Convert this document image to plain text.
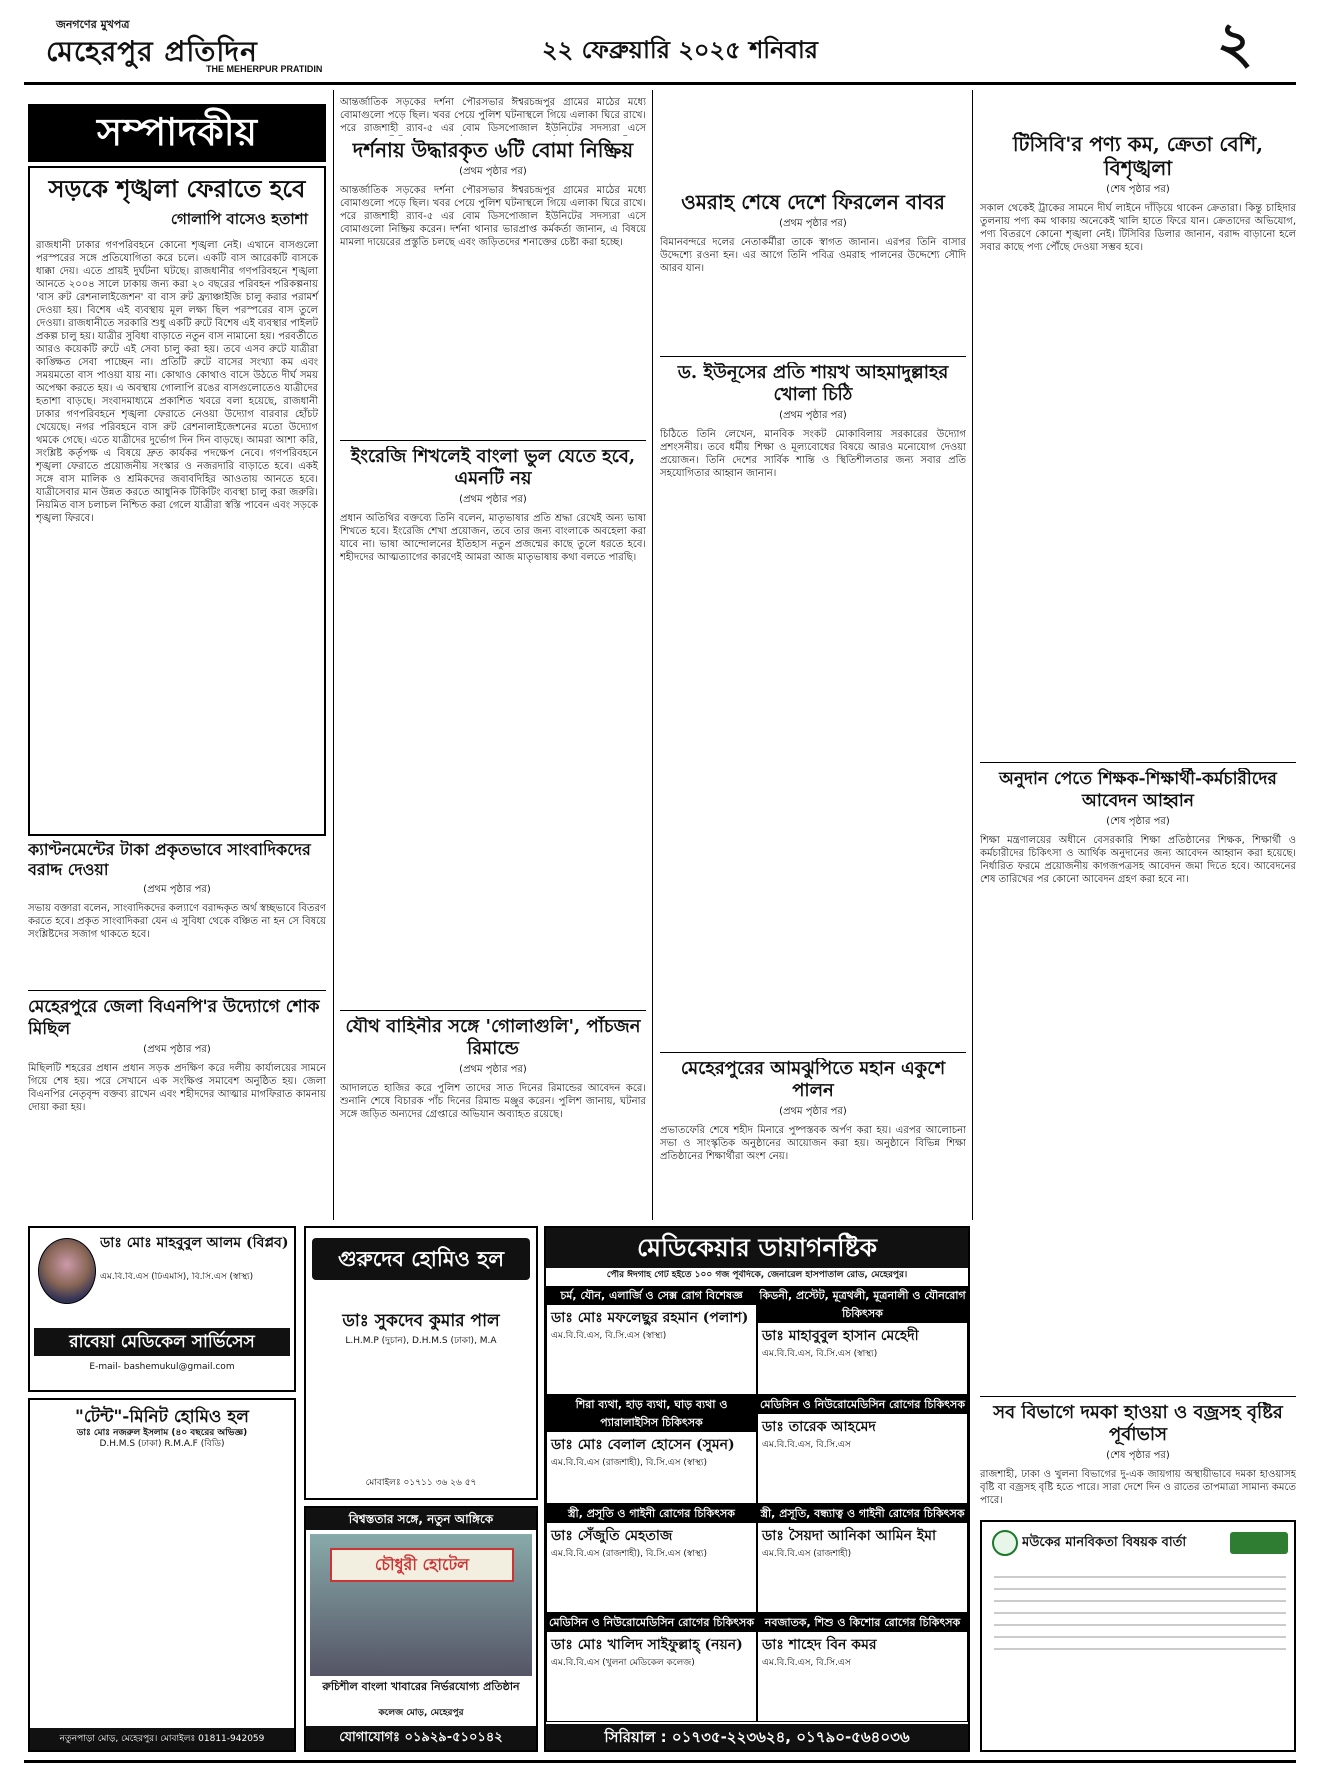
জনগণের মুখপত্র
মেহেরপুর প্রতিদিন
THE MEHERPUR PRATIDIN
২২ ফেব্রুয়ারি ২০২৫ শনিবার	২
সম্পাদকীয়
সড়কে শৃঙ্খলা ফেরাতে হবে
গোলাপি বাসেও হতাশা
রাজধানী ঢাকার গণপরিবহনে কোনো শৃঙ্খলা নেই। এখানে বাসগুলো পরস্পরের সঙ্গে প্রতিযোগিতা করে চলে। একটি বাস আরেকটি বাসকে ধাক্কা দেয়। এতে প্রায়ই দুর্ঘটনা ঘটছে। রাজধানীর গণপরিবহনে শৃঙ্খলা আনতে ২০০৪ সালে ঢাকায় জন্য করা ২০ বছরের পরিবহন পরিকল্পনায় 'বাস রুট রেশনালাইজেশন' বা বাস রুট ফ্র্যাঞ্চাইজি চালু করার পরামর্শ দেওয়া হয়। বিশেষ এই ব্যবস্থায় মূল লক্ষ্য ছিল পরস্পরের বাস তুলে দেওয়া। রাজধানীতে সরকারি শুধু একটি রুটে বিশেষ এই ব্যবস্থার পাইলট প্রকল্প চালু হয়। যাত্রীর সুবিধা বাড়াতে নতুন বাস নামানো হয়। পরবর্তীতে আরও কয়েকটি রুটে এই সেবা চালু করা হয়। তবে এসব রুটে যাত্রীরা কাঙ্ক্ষিত সেবা পাচ্ছেন না। প্রতিটি রুটে বাসের সংখ্যা কম এবং সময়মতো বাস পাওয়া যায় না। কোথাও কোথাও বাসে উঠতে দীর্ঘ সময় অপেক্ষা করতে হয়। এ অবস্থায় গোলাপি রঙের বাসগুলোতেও যাত্রীদের হতাশা বাড়ছে। সংবাদমাধ্যমে প্রকাশিত খবরে বলা হয়েছে, রাজধানী ঢাকার গণপরিবহনে শৃঙ্খলা ফেরাতে নেওয়া উদ্যোগ বারবার হোঁচট খেয়েছে। নগর পরিবহনে বাস রুট রেশনালাইজেশনের মতো উদ্যোগ থমকে গেছে। এতে যাত্রীদের দুর্ভোগ দিন দিন বাড়ছে। আমরা আশা করি, সংশ্লিষ্ট কর্তৃপক্ষ এ বিষয়ে দ্রুত কার্যকর পদক্ষেপ নেবে। গণপরিবহনে শৃঙ্খলা ফেরাতে প্রয়োজনীয় সংস্কার ও নজরদারি বাড়াতে হবে। একই সঙ্গে বাস মালিক ও শ্রমিকদের জবাবদিহির আওতায় আনতে হবে। যাত্রীসেবার মান উন্নত করতে আধুনিক টিকিটিং ব্যবস্থা চালু করা জরুরি। নিয়মিত বাস চলাচল নিশ্চিত করা গেলে যাত্রীরা স্বস্তি পাবেন এবং সড়কে শৃঙ্খলা ফিরবে।
ক্যাণ্টনমেন্টের টাকা প্রকৃতভাবে সাংবাদিকদের বরাদ্দ দেওয়া
(প্রথম পৃষ্ঠার পর)
সভায় বক্তারা বলেন, সাংবাদিকদের কল্যাণে বরাদ্দকৃত অর্থ স্বচ্ছভাবে বিতরণ করতে হবে। প্রকৃত সাংবাদিকরা যেন এ সুবিধা থেকে বঞ্চিত না হন সে বিষয়ে সংশ্লিষ্টদের সজাগ থাকতে হবে।
মেহেরপুরে জেলা বিএনপি'র উদ্যোগে শোক মিছিল
(প্রথম পৃষ্ঠার পর)
মিছিলটি শহরের প্রধান প্রধান সড়ক প্রদক্ষিণ করে দলীয় কার্যালয়ের সামনে গিয়ে শেষ হয়। পরে সেখানে এক সংক্ষিপ্ত সমাবেশ অনুষ্ঠিত হয়। জেলা বিএনপির নেতৃবৃন্দ বক্তব্য রাখেন এবং শহীদদের আত্মার মাগফিরাত কামনায় দোয়া করা হয়।
আন্তর্জাতিক সড়কের দর্শনা পৌরসভার ঈশ্বরচন্দ্রপুর গ্রামের মাঠের মধ্যে বোমাগুলো পড়ে ছিল। খবর পেয়ে পুলিশ ঘটনাস্থলে গিয়ে এলাকা ঘিরে রাখে। পরে রাজশাহী র‍্যাব-৫ এর বোম ডিসপোজাল ইউনিটের সদস্যরা এসে
দর্শনায় উদ্ধারকৃত ৬টি বোমা নিষ্ক্রিয়
(প্রথম পৃষ্ঠার পর)
আন্তর্জাতিক সড়কের দর্শনা পৌরসভার ঈশ্বরচন্দ্রপুর গ্রামের মাঠের মধ্যে বোমাগুলো পড়ে ছিল। খবর পেয়ে পুলিশ ঘটনাস্থলে গিয়ে এলাকা ঘিরে রাখে। পরে রাজশাহী র‍্যাব-৫ এর বোম ডিসপোজাল ইউনিটের সদস্যরা এসে বোমাগুলো নিষ্ক্রিয় করেন। দর্শনা থানার ভারপ্রাপ্ত কর্মকর্তা জানান, এ বিষয়ে মামলা দায়েরের প্রস্তুতি চলছে এবং জড়িতদের শনাক্তের চেষ্টা করা হচ্ছে।
ইংরেজি শিখলেই বাংলা ভুল যেতে হবে, এমনটি নয়
(প্রথম পৃষ্ঠার পর)
প্রধান অতিথির বক্তব্যে তিনি বলেন, মাতৃভাষার প্রতি শ্রদ্ধা রেখেই অন্য ভাষা শিখতে হবে। ইংরেজি শেখা প্রয়োজন, তবে তার জন্য বাংলাকে অবহেলা করা যাবে না। ভাষা আন্দোলনের ইতিহাস নতুন প্রজন্মের কাছে তুলে ধরতে হবে। শহীদদের আত্মত্যাগের কারণেই আমরা আজ মাতৃভাষায় কথা বলতে পারছি।
যৌথ বাহিনীর সঙ্গে 'গোলাগুলি', পাঁচজন রিমান্ডে
(প্রথম পৃষ্ঠার পর)
আদালতে হাজির করে পুলিশ তাদের সাত দিনের রিমান্ডের আবেদন করে। শুনানি শেষে বিচারক পাঁচ দিনের রিমান্ড মঞ্জুর করেন। পুলিশ জানায়, ঘটনার সঙ্গে জড়িত অন্যদের গ্রেপ্তারে অভিযান অব্যাহত রয়েছে।
ওমরাহ শেষে দেশে ফিরলেন বাবর
(প্রথম পৃষ্ঠার পর)
বিমানবন্দরে দলের নেতাকর্মীরা তাকে স্বাগত জানান। এরপর তিনি বাসার উদ্দেশ্যে রওনা হন। এর আগে তিনি পবিত্র ওমরাহ পালনের উদ্দেশ্যে সৌদি আরব যান।
ড. ইউনূসের প্রতি শায়খ আহমাদুল্লাহর খোলা চিঠি
(প্রথম পৃষ্ঠার পর)
চিঠিতে তিনি লেখেন, মানবিক সংকট মোকাবিলায় সরকারের উদ্যোগ প্রশংসনীয়। তবে ধর্মীয় শিক্ষা ও মূল্যবোধের বিষয়ে আরও মনোযোগ দেওয়া প্রয়োজন। তিনি দেশের সার্বিক শান্তি ও স্থিতিশীলতার জন্য সবার প্রতি সহযোগিতার আহ্বান জানান।
মেহেরপুরের আমঝুপিতে মহান একুশে পালন
(প্রথম পৃষ্ঠার পর)
প্রভাতফেরি শেষে শহীদ মিনারে পুষ্পস্তবক অর্পণ করা হয়। এরপর আলোচনা সভা ও সাংস্কৃতিক অনুষ্ঠানের আয়োজন করা হয়। অনুষ্ঠানে বিভিন্ন শিক্ষা প্রতিষ্ঠানের শিক্ষার্থীরা অংশ নেয়।
টিসিবি'র পণ্য কম, ক্রেতা বেশি, বিশৃঙ্খলা
(শেষ পৃষ্ঠার পর)
সকাল থেকেই ট্রাকের সামনে দীর্ঘ লাইনে দাঁড়িয়ে থাকেন ক্রেতারা। কিন্তু চাহিদার তুলনায় পণ্য কম থাকায় অনেকেই খালি হাতে ফিরে যান। ক্রেতাদের অভিযোগ, পণ্য বিতরণে কোনো শৃঙ্খলা নেই। টিসিবির ডিলার জানান, বরাদ্দ বাড়ানো হলে সবার কাছে পণ্য পৌঁছে দেওয়া সম্ভব হবে।
অনুদান পেতে শিক্ষক-শিক্ষার্থী-কর্মচারীদের আবেদন আহ্বান
(শেষ পৃষ্ঠার পর)
শিক্ষা মন্ত্রণালয়ের অধীনে বেসরকারি শিক্ষা প্রতিষ্ঠানের শিক্ষক, শিক্ষার্থী ও কর্মচারীদের চিকিৎসা ও আর্থিক অনুদানের জন্য আবেদন আহ্বান করা হয়েছে। নির্ধারিত ফরমে প্রয়োজনীয় কাগজপত্রসহ আবেদন জমা দিতে হবে। আবেদনের শেষ তারিখের পর কোনো আবেদন গ্রহণ করা হবে না।
সব বিভাগে দমকা হাওয়া ও বজ্রসহ বৃষ্টির পূর্বাভাস
(শেষ পৃষ্ঠার পর)
রাজশাহী, ঢাকা ও খুলনা বিভাগের দু-এক জায়গায় অস্থায়ীভাবে দমকা হাওয়াসহ বৃষ্টি বা বজ্রসহ বৃষ্টি হতে পারে। সারা দেশে দিন ও রাতের তাপমাত্রা সামান্য কমতে পারে।
ডাঃ মোঃ মাহবুবুল আলম (বিপ্লব)
এম.বি.বি.এস (ঢিএমসি), বি.সি.এস (স্বাস্থ্য)
রাবেয়া মেডিকেল সার্ভিসেস
E-mail- bashemukul@gmail.com
"টেন্ট"-মিনিট হোমিও হল
ডাঃ মোঃ নজরুল ইসলাম (৪০ বছরের অভিজ্ঞ)
D.H.M.S (ঢাকা) R.M.A.F (বিডি)
নতুনপাড়া মোড়, মেহেরপুর। মোবাইলঃ 01811-942059
গুরুদেব হোমিও হল
ডাঃ সুকদেব কুমার পাল
L.H.M.P (দুচান), D.H.M.S (ঢাকা), M.A
মোবাইলঃ ০১৭১১ ৩৬ ২৬ ৫৭
বিশ্বস্ততার সঙ্গে, নতুন আঙ্গিকে
চৌধুরী হোটেল
রুচিশীল বাংলা খাবারের নির্ভরযোগ্য প্রতিষ্ঠান
কলেজ মোড়, মেহেরপুর
যোগাযোগঃ ০১৯২৯-৫১০১৪২
মেডিকেয়ার ডায়াগনষ্টিক
পৌর ঈদগাহ গেট হইতে ১০০ গজ পূর্বদিকে, জেনারেল হাসপাতাল রোড, মেহেরপুর।
চর্ম, যৌন, এলার্জি ও সেক্স রোগ বিশেষজ্ঞ
ডাঃ মোঃ মফলেছুর রহমান (পলাশ)
এম.বি.বি.এস, বি.সি.এস (স্বাস্থ্য)
কিডনী, প্রস্টেট, মূত্রথলী, মূত্রনালী ও যৌনরোগ চিকিৎসক
ডাঃ মাহাবুবুল হাসান মেহেদী
এম.বি.বি.এস, বি.সি.এস (স্বাস্থ্য)
শিরা ব্যথা, হাড় ব্যথা, ঘাড় ব্যথা ও প্যারালাইসিস চিকিৎসক
ডাঃ মোঃ বেলাল হোসেন (সুমন)
এম.বি.বি.এস (রাজশাহী), বি.সি.এস (স্বাস্থ্য)
মেডিসিন ও নিউরোমেডিসিন রোগের চিকিৎসক
ডাঃ তারেক আহমেদ
এম.বি.বি.এস, বি.সি.এস
স্ত্রী, প্রসূতি ও গাইনী রোগের চিকিৎসক
ডাঃ সেঁজুতি মেহতাজ
এম.বি.বি.এস (রাজশাহী), বি.সি.এস (স্বাস্থ্য)
স্ত্রী, প্রসূতি, বন্ধ্যাত্ব ও গাইনী রোগের চিকিৎসক
ডাঃ সৈয়দা আনিকা আমিন ইমা
এম.বি.বি.এস (রাজশাহী)
মেডিসিন ও নিউরোমেডিসিন রোগের চিকিৎসক
ডাঃ মোঃ খালিদ সাইফুল্লাহ্ (নয়ন)
এম.বি.বি.এস (খুলনা মেডিকেল কলেজ)
নবজাতক, শিশু ও কিশোর রোগের চিকিৎসক
ডাঃ শাহেদ বিন কমর
এম.বি.বি.এস, বি.সি.এস
সিরিয়াল : ০১৭৩৫-২২৩৬২৪, ০১৭৯০-৫৬৪০৩৬
মউকের মানবিকতা বিষয়ক বার্তা
